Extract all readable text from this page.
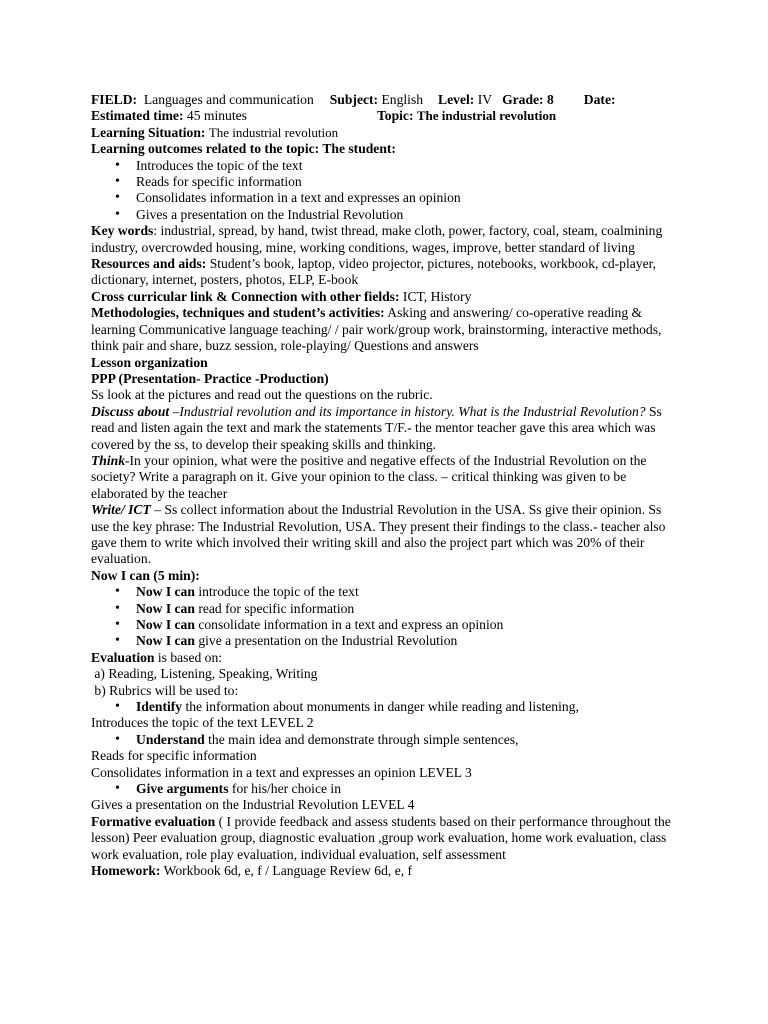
FIELD: Languages and communication Subject: English Level: IV Grade: 8 Date:
Estimated time: 45 minutes	Topic: The industrial revolution
Learning Situation: The industrial revolution
Learning outcomes related to the topic: The student:
• Introduces the topic of the text
• Reads for specific information
• Consolidates information in a text and expresses an opinion
• Gives a presentation on the Industrial Revolution
Key words: industrial, spread, by hand, twist thread, make cloth, power, factory, coal, steam, coalmining industry, overcrowded housing, mine, working conditions, wages, improve, better standard of living
Resources and aids: Student’s book, laptop, video projector, pictures, notebooks, workbook, cd-player, dictionary, internet, posters, photos, ELP, E-book
Cross curricular link & Connection with other fields: ICT, History
Methodologies, techniques and student’s activities: Asking and answering/ co-operative reading & learning Communicative language teaching/ / pair work/group work, brainstorming, interactive methods, think pair and share, buzz session, role-playing/ Questions and answers
Lesson organization
PPP (Presentation- Practice -Production)
Ss look at the pictures and read out the questions on the rubric.
Discuss about –Industrial revolution and its importance in history. What is the Industrial Revolution? Ss read and listen again the text and mark the statements T/F.- the mentor teacher gave this area which was covered by the ss, to develop their speaking skills and thinking.
Think-In your opinion, what were the positive and negative effects of the Industrial Revolution on the society? Write a paragraph on it. Give your opinion to the class. – critical thinking was given to be elaborated by the teacher
Write/ ICT – Ss collect information about the Industrial Revolution in the USA. Ss give their opinion. Ss use the key phrase: The Industrial Revolution, USA. They present their findings to the class.- teacher also gave them to write which involved their writing skill and also the project part which was 20% of their evaluation.
Now I can (5 min):
• Now I can introduce the topic of the text
• Now I can read for specific information
• Now I can consolidate information in a text and express an opinion
• Now I can give a presentation on the Industrial Revolution
Evaluation is based on:
a) Reading, Listening, Speaking, Writing
b) Rubrics will be used to:
• Identify the information about monuments in danger while reading and listening,
Introduces the topic of the text LEVEL 2
• Understand the main idea and demonstrate through simple sentences,
Reads for specific information
Consolidates information in a text and expresses an opinion LEVEL 3
• Give arguments for his/her choice in
Gives a presentation on the Industrial Revolution LEVEL 4
Formative evaluation ( I provide feedback and assess students based on their performance throughout the lesson) Peer evaluation group, diagnostic evaluation ,group work evaluation, home work evaluation, class work evaluation, role play evaluation, individual evaluation, self assessment
Homework: Workbook 6d, e, f / Language Review 6d, e, f
